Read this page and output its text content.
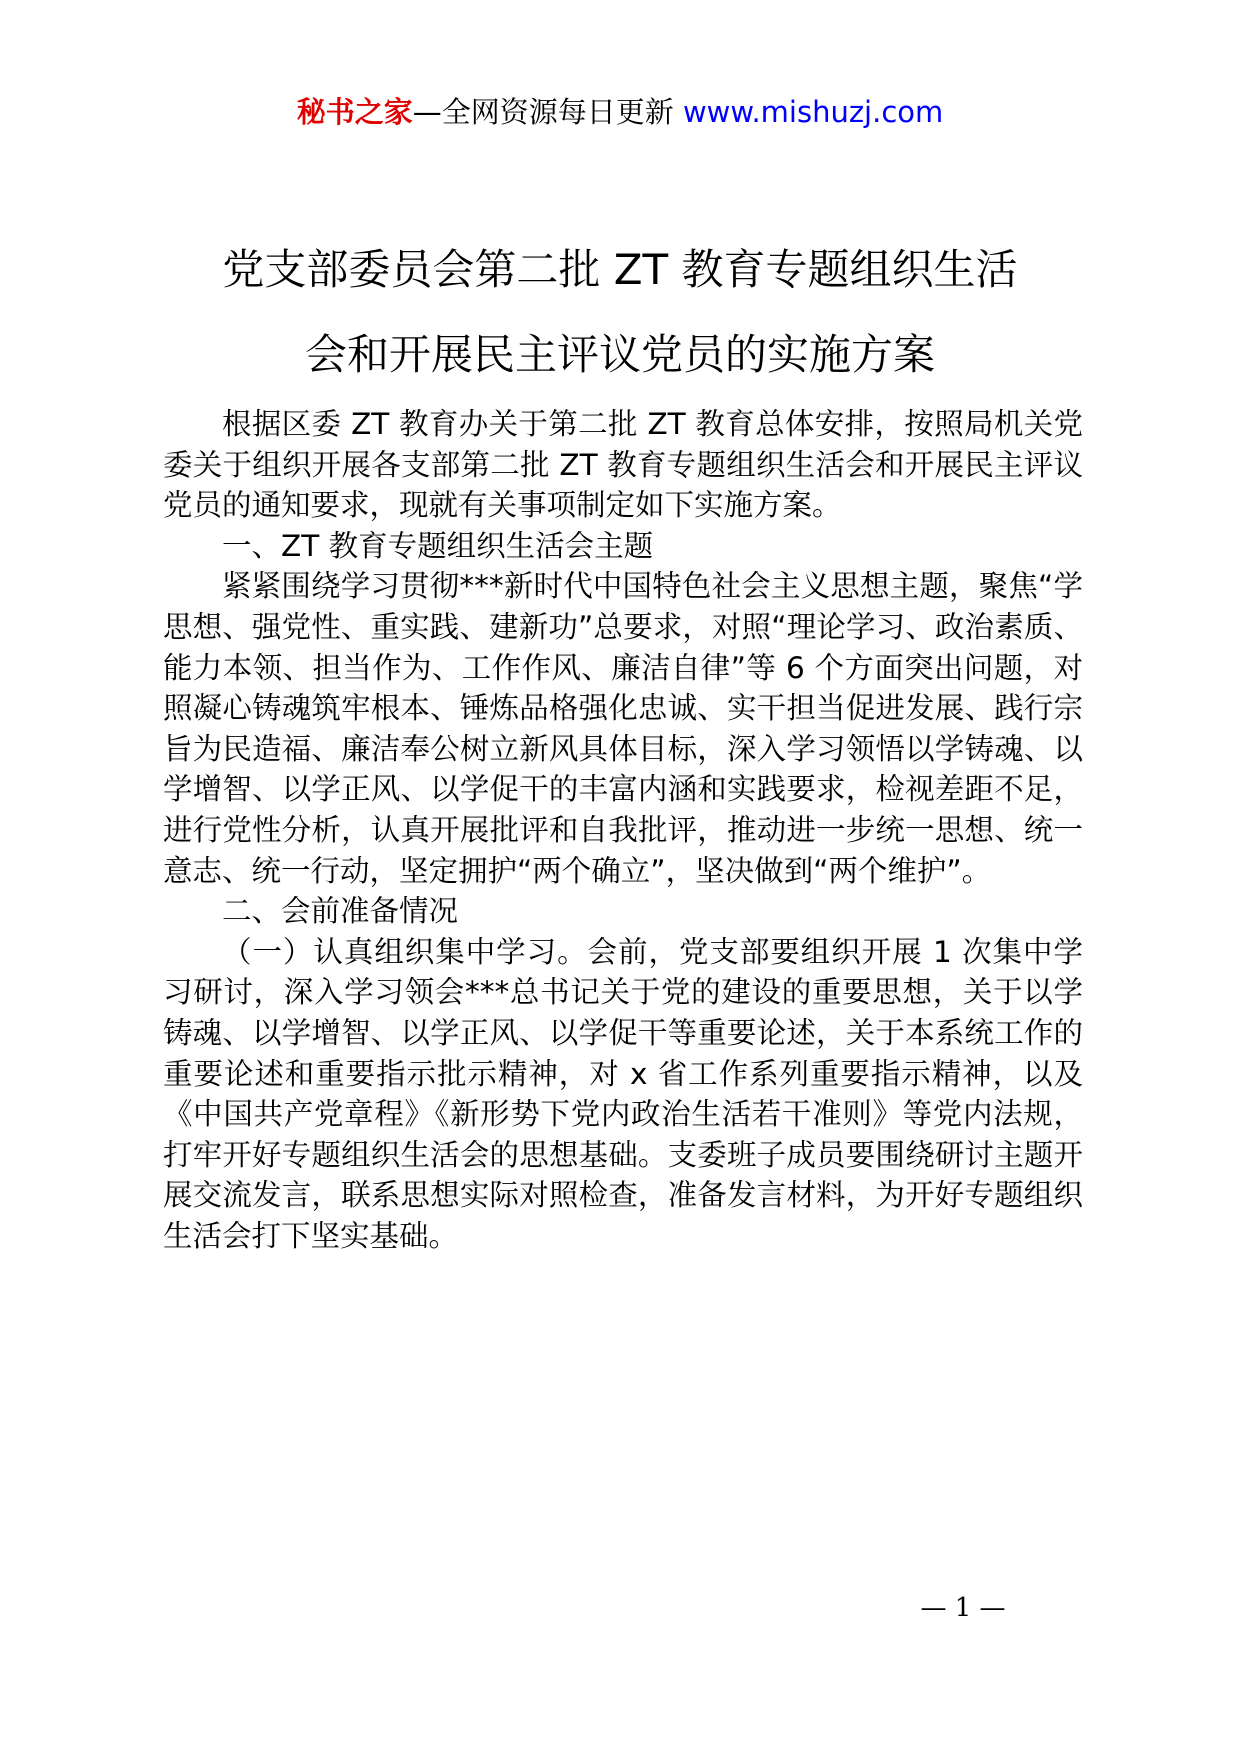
秘书之家—全网资源每日更新 www.mishuzj.com
党支部委员会第二批 ZT 教育专题组织生活
会和开展民主评议党员的实施方案

根据区委 ZT 教育办关于第二批 ZT 教育总体安排，按照局机关党委关于组织开展各支部第二批 ZT 教育专题组织生活会和开展民主评议党员的通知要求，现就有关事项制定如下实施方案。

一、ZT 教育专题组织生活会主题

紧紧围绕学习贯彻***新时代中国特色社会主义思想主题，聚焦“学思想、强党性、重实践、建新功”总要求，对照“理论学习、政治素质、能力本领、担当作为、工作作风、廉洁自律”等 6 个方面突出问题，对照凝心铸魂筑牢根本、锤炼品格强化忠诚、实干担当促进发展、践行宗旨为民造福、廉洁奉公树立新风具体目标，深入学习领悟以学铸魂、以学增智、以学正风、以学促干的丰富内涵和实践要求，检视差距不足，进行党性分析，认真开展批评和自我批评，推动进一步统一思想、统一意志、统一行动，坚定拥护“两个确立”，坚决做到“两个维护”。

二、会前准备情况

（一）认真组织集中学习。会前，党支部要组织开展 1 次集中学习研讨，深入学习领会***总书记关于党的建设的重要思想，关于以学铸魂、以学增智、以学正风、以学促干等重要论述，关于本系统工作的重要论述和重要指示批示精神，对 x 省工作系列重要指示精神，以及《中国共产党章程》《新形势下党内政治生活若干准则》等党内法规，打牢开好专题组织生活会的思想基础。支委班子成员要围绕研讨主题开展交流发言，联系思想实际对照检查，准备发言材料，为开好专题组织生活会打下坚实基础。

— 1 —
